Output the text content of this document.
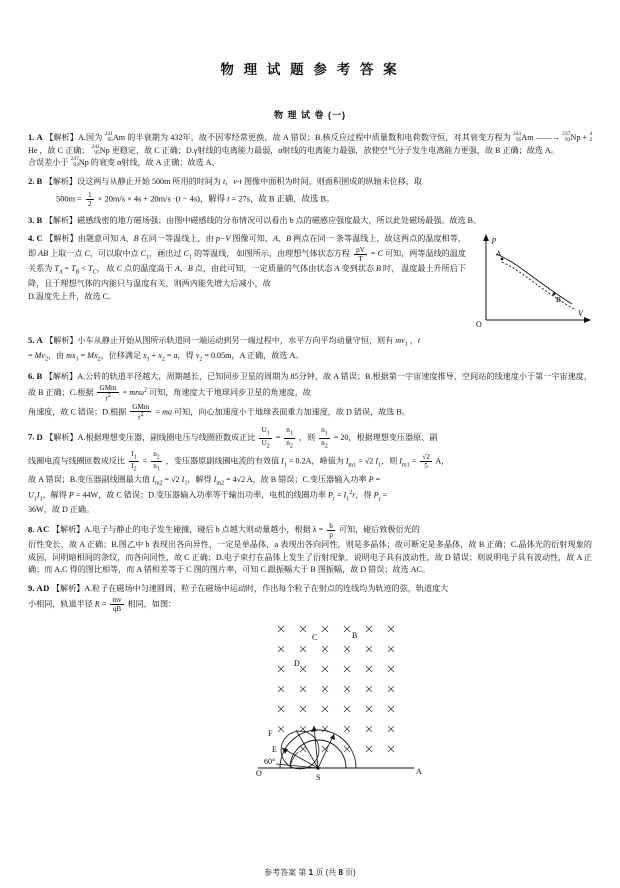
物 理 试 题 参 考 答 案
物 理 试 卷 (一)
1. A 【解析】A.国为 241
95 Am 的半衰期为 432年，故不因零经常更换，故 A 错误；B.核反应过程中质量数和电荷数守恒，对其衰变方程为 241
95 Am ——→ 237
93 Np + 4
2
He ，故 C 正确； 241
95 Np 更稳定，故 C 正确；D.γ射线的电离能力最弱，α射线的电离能力最强，放使空气分子发生电离能力更强，故 B 正确；故选 A。
合误差小于 237
93 Np 的衰变 α射线，故 A 正确；故选 A。
2. B 【解析】设这两与从静止开始 500m 所用的时间为 t，v-t 图像中面积为时间，则面积围成的纵轴未位移，取
$500m = \frac{1}{2} \times 20m/s \times 4s + 20m/s \cdot(t - 4s)$，解得 t = 27s，故 B 正确，故选 B。
3. B 【解析】磁感线密的地方磁场强；由图中磁感线的分布情况可以看出 b 点的磁感应强度最大，所以此处磁场最强。故选 B。
p
V
O
A
B
4. C 【解析】由题意可知 A、B 在同一等温线上，由 p−V 图像可知，A、B 两点在同一 条等温线上，故这两点的温度相等，即 AB 上取一点 C，可以取中点 $C_1$，画出过 $C_1$ 的等温线， 如图所示，由理想气体状态方程 $\frac{pV}{T} = C$ 可知，两等温线的温度关系为 $T_A = T_B < T_C$， 故 C 点的温度高于 A、B 点，由此可知，一定质量的气体由状态 A 变到状态 B 时， 温度最上升所后下降，且于理想气体的内能只与温度有关，则两内能先增大后减小，故
D.温度先上升，故选 C。
5. A 【解析】小车从静止开始从图所示轨道同一端运动到另一端过程中，水平方向平均动量守恒，则有 $mv_1$ ，t
= $Mv_2$，由 $mx_1 = Mx_2$，位移满足 $x_1 + x_2 = a$，得 $v_2 = 0.05m$，A 正确，故选 A。
6. B 【解析】A.公转的轨道半径越大，周期越长，已知同步卫星的周期为 85分钟，故 A 错误；B.根据第一宇宙速度推导，空间站的线速度小于第一宇宙速度，故 B 正确；C.根据 $\frac{\text{GMm}}{r^2} = mr\omega^2$ 可知，角速度大于地球同步卫星的角速度，故
角速度，故 C 错误；D.根据 $\frac{\text{GMm}}{r^2}$ = ma 可知，向心加速度小于地球表面重力加速度，故 D 错误，故选 B。
7. D 【解析】A.根据理想变压器，副线圈电压与线圈匝数成正比 $\frac{U_1}{U_2} = \frac{n_1}{n_2}$ ，则 $\frac{n_1}{n_2} = 20$，根据理想变压器原、副
线圈电流与线圈匝数成反比 $\frac{I_1}{I_2} = \frac{n_2}{n_1}$ ，变压器原副线圈电流的有效值 $I_1 = 0.2A$，峰值为 $I_{m1} = √2$ $I_1$，则 $I_{m1} = \frac{√2}{5}$ A，
故 A 错误；B.变压器副线圈最大值 $I_{m2} = √2$ $I_1$，解得 $I_{m2} = 4√2$ A，故 B 错误；C.变压器输入功率 P =
$U_1I_1$，解得 P = 44W，故 C 错误；D.变压器输入功率等于输出功率，电机的线圈功率 $P_r = I_1^2r$，得 $P_r$ =
36W，故 D 正确。
8. AC 【解析】A.电子与静止的电子发生碰撞，碰后 b 点越大则动量越小，根据 $\lambda = \frac{h}{p}$ 可知，碰后致极衍光的
衍性变长，故 A 正确；B.图乙中 b 表现出各向异性，一定是单晶体，a 表现出各向同性，则是多晶体；故可断定是多晶体，故 B 正确；C.晶体光的衍射现象的成因，同明暗相间的条纹，而各向同性，故 C 正确；D.电子束打在晶体上发生了衍射现象，说明电子具有波动性，故 D 错误；则说明电子具有波动性，故 A 正确；而 A.C 得的图比相等，而 A 错相差等于 C 图的图片率，可知 C 跟振幅大于 B 图振幅，故 D 错误；故选 AC。
9. AD 【解析】A.粒子在磁场中匀速圆周，粒子在磁场中运动时，作出每个粒子在射点的连线均为轨迹的弦，轨道度大
小相同，轨道半径 $R = \frac{mv}{qB}$ 相同，如图：
A
S
60°
O
C	B
D
F
E
参考答案 第 1 页 (共 8 页)
